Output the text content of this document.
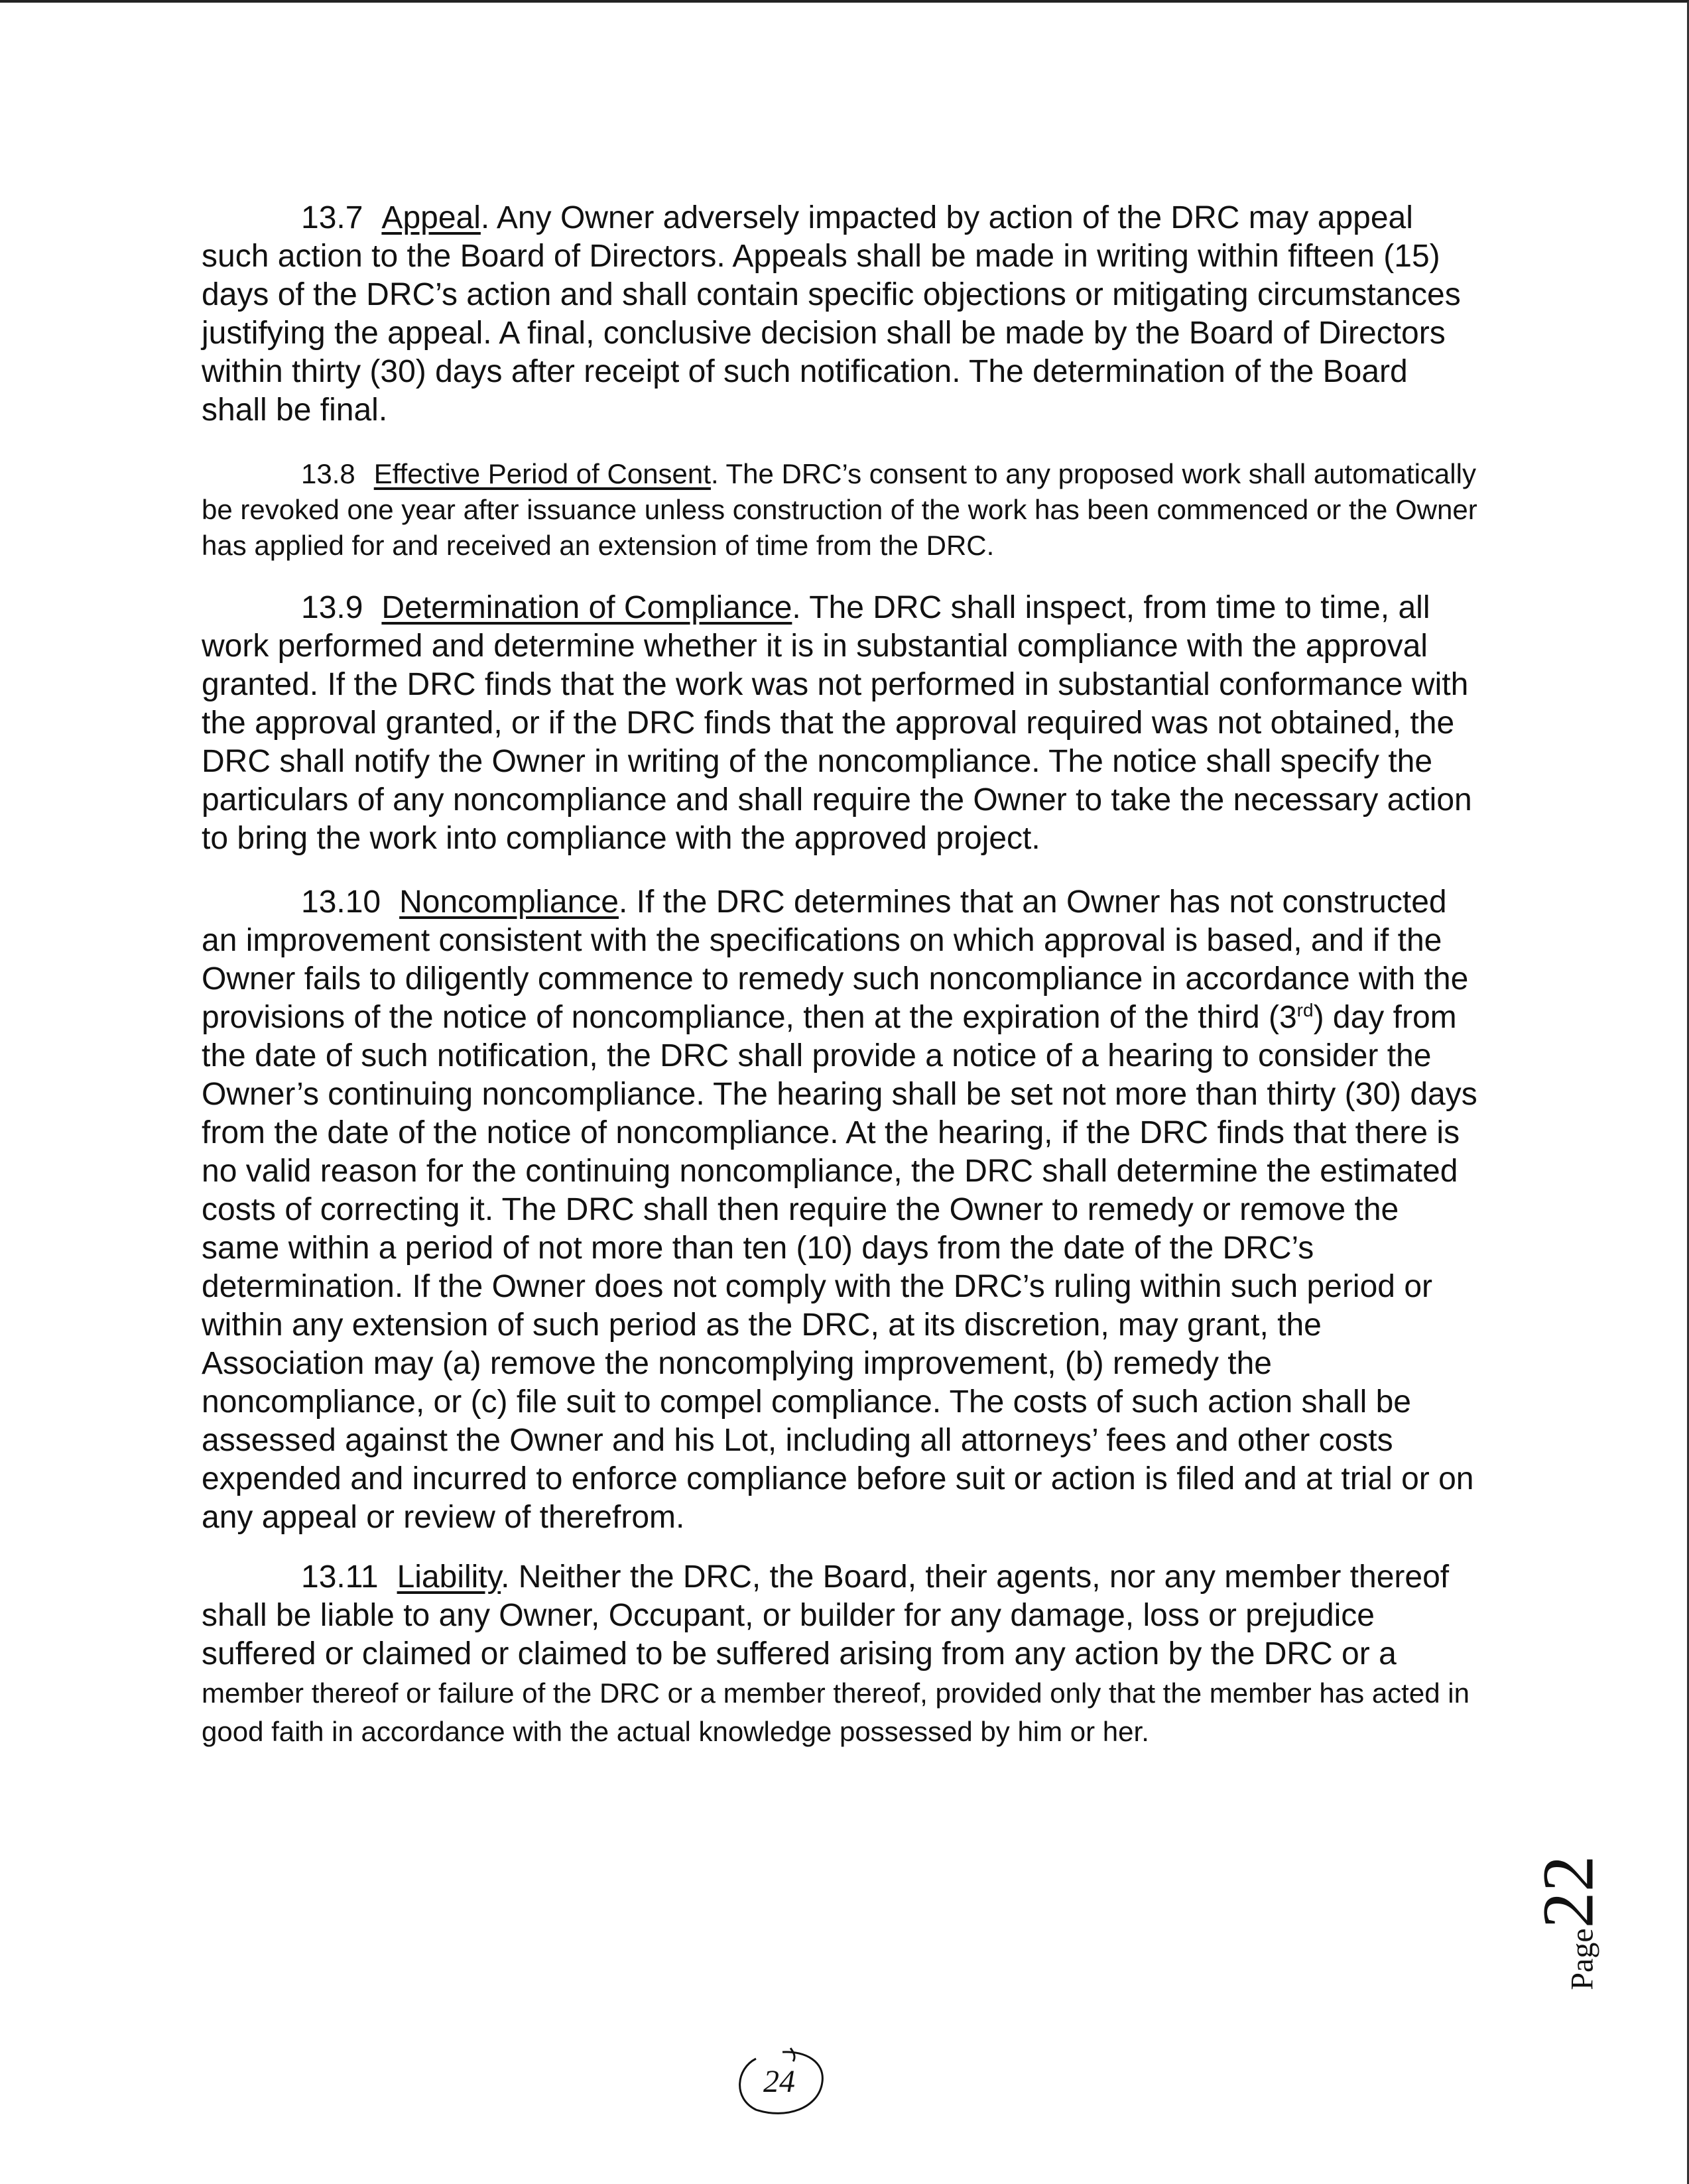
13.7 Appeal. Any Owner adversely impacted by action of the DRC may appeal such action to the Board of Directors. Appeals shall be made in writing within fifteen (15) days of the DRC’s action and shall contain specific objections or mitigating circumstances justifying the appeal. A final, conclusive decision shall be made by the Board of Directors within thirty (30) days after receipt of such notification. The determination of the Board shall be final.

13.8 Effective Period of Consent. The DRC’s consent to any proposed work shall automatically be revoked one year after issuance unless construction of the work has been commenced or the Owner has applied for and received an extension of time from the DRC.

13.9 Determination of Compliance. The DRC shall inspect, from time to time, all work performed and determine whether it is in substantial compliance with the approval granted. If the DRC finds that the work was not performed in substantial conformance with the approval granted, or if the DRC finds that the approval required was not obtained, the DRC shall notify the Owner in writing of the noncompliance. The notice shall specify the particulars of any noncompliance and shall require the Owner to take the necessary action to bring the work into compliance with the approved project.

13.10 Noncompliance. If the DRC determines that an Owner has not constructed an improvement consistent with the specifications on which approval is based, and if the Owner fails to diligently commence to remedy such noncompliance in accordance with the provisions of the notice of noncompliance, then at the expiration of the third (3rd) day from the date of such notification, the DRC shall provide a notice of a hearing to consider the Owner’s continuing noncompliance. The hearing shall be set not more than thirty (30) days from the date of the notice of noncompliance. At the hearing, if the DRC finds that there is no valid reason for the continuing noncompliance, the DRC shall determine the estimated costs of correcting it. The DRC shall then require the Owner to remedy or remove the same within a period of not more than ten (10) days from the date of the DRC’s determination. If the Owner does not comply with the DRC’s ruling within such period or within any extension of such period as the DRC, at its discretion, may grant, the Association may (a) remove the noncomplying improvement, (b) remedy the noncompliance, or (c) file suit to compel compliance. The costs of such action shall be assessed against the Owner and his Lot, including all attorneys’ fees and other costs expended and incurred to enforce compliance before suit or action is filed and at trial or on any appeal or review of therefrom.

13.11 Liability. Neither the DRC, the Board, their agents, nor any member thereof shall be liable to any Owner, Occupant, or builder for any damage, loss or prejudice suffered or claimed or claimed to be suffered arising from any action by the DRC or a member thereof or failure of the DRC or a member thereof, provided only that the member has acted in good faith in accordance with the actual knowledge possessed by him or her.

Page22
24
